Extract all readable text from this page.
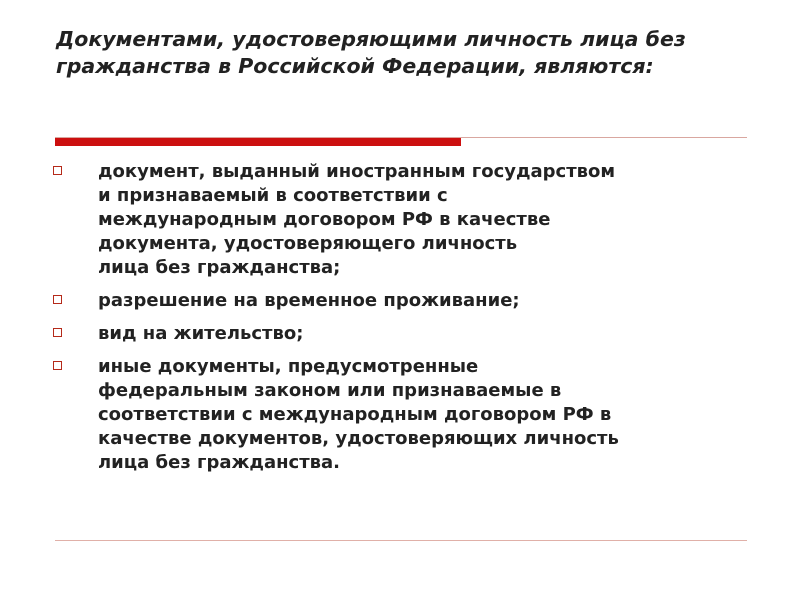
Документами, удостоверяющими личность лица без гражданства в Российской Федерации, являются:
документ, выданный иностранным государством
и признаваемый в соответствии с
международным договором РФ в качестве
документа, удостоверяющего личность
лица без гражданства;
разрешение на временное проживание;
вид на жительство;
иные документы, предусмотренные
федеральным законом или признаваемые в
соответствии с международным договором РФ в
качестве документов, удостоверяющих личность
лица без гражданства.
